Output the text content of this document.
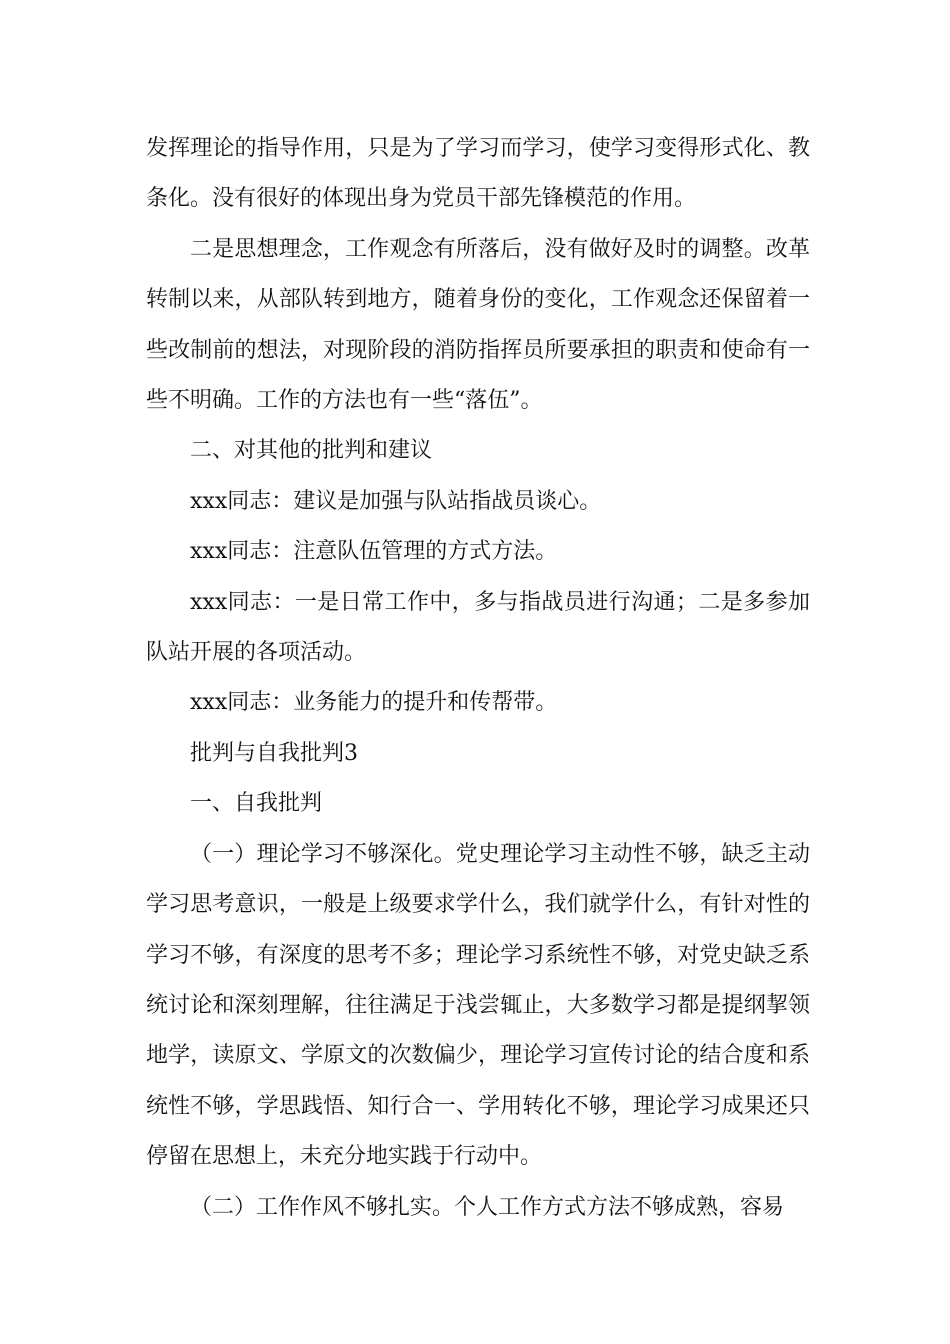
发挥理论的指导作用，只是为了学习而学习，使学习变得形式化、教条化。没有很好的体现出身为党员干部先锋模范的作用。

二是思想理念，工作观念有所落后，没有做好及时的调整。改革转制以来，从部队转到地方，随着身份的变化，工作观念还保留着一些改制前的想法，对现阶段的消防指挥员所要承担的职责和使命有一些不明确。工作的方法也有一些“落伍”。

二、对其他的批判和建议

xxx同志：建议是加强与队站指战员谈心。

xxx同志：注意队伍管理的方式方法。

xxx同志：一是日常工作中，多与指战员进行沟通；二是多参加队站开展的各项活动。

xxx同志：业务能力的提升和传帮带。

批判与自我批判3

一、自我批判

（一）理论学习不够深化。党史理论学习主动性不够，缺乏主动学习思考意识，一般是上级要求学什么，我们就学什么，有针对性的学习不够，有深度的思考不多；理论学习系统性不够，对党史缺乏系统讨论和深刻理解，往往满足于浅尝辄止，大多数学习都是提纲挈领地学，读原文、学原文的次数偏少，理论学习宣传讨论的结合度和系统性不够，学思践悟、知行合一、学用转化不够，理论学习成果还只停留在思想上，未充分地实践于行动中。

（二）工作作风不够扎实。个人工作方式方法不够成熟，容易
